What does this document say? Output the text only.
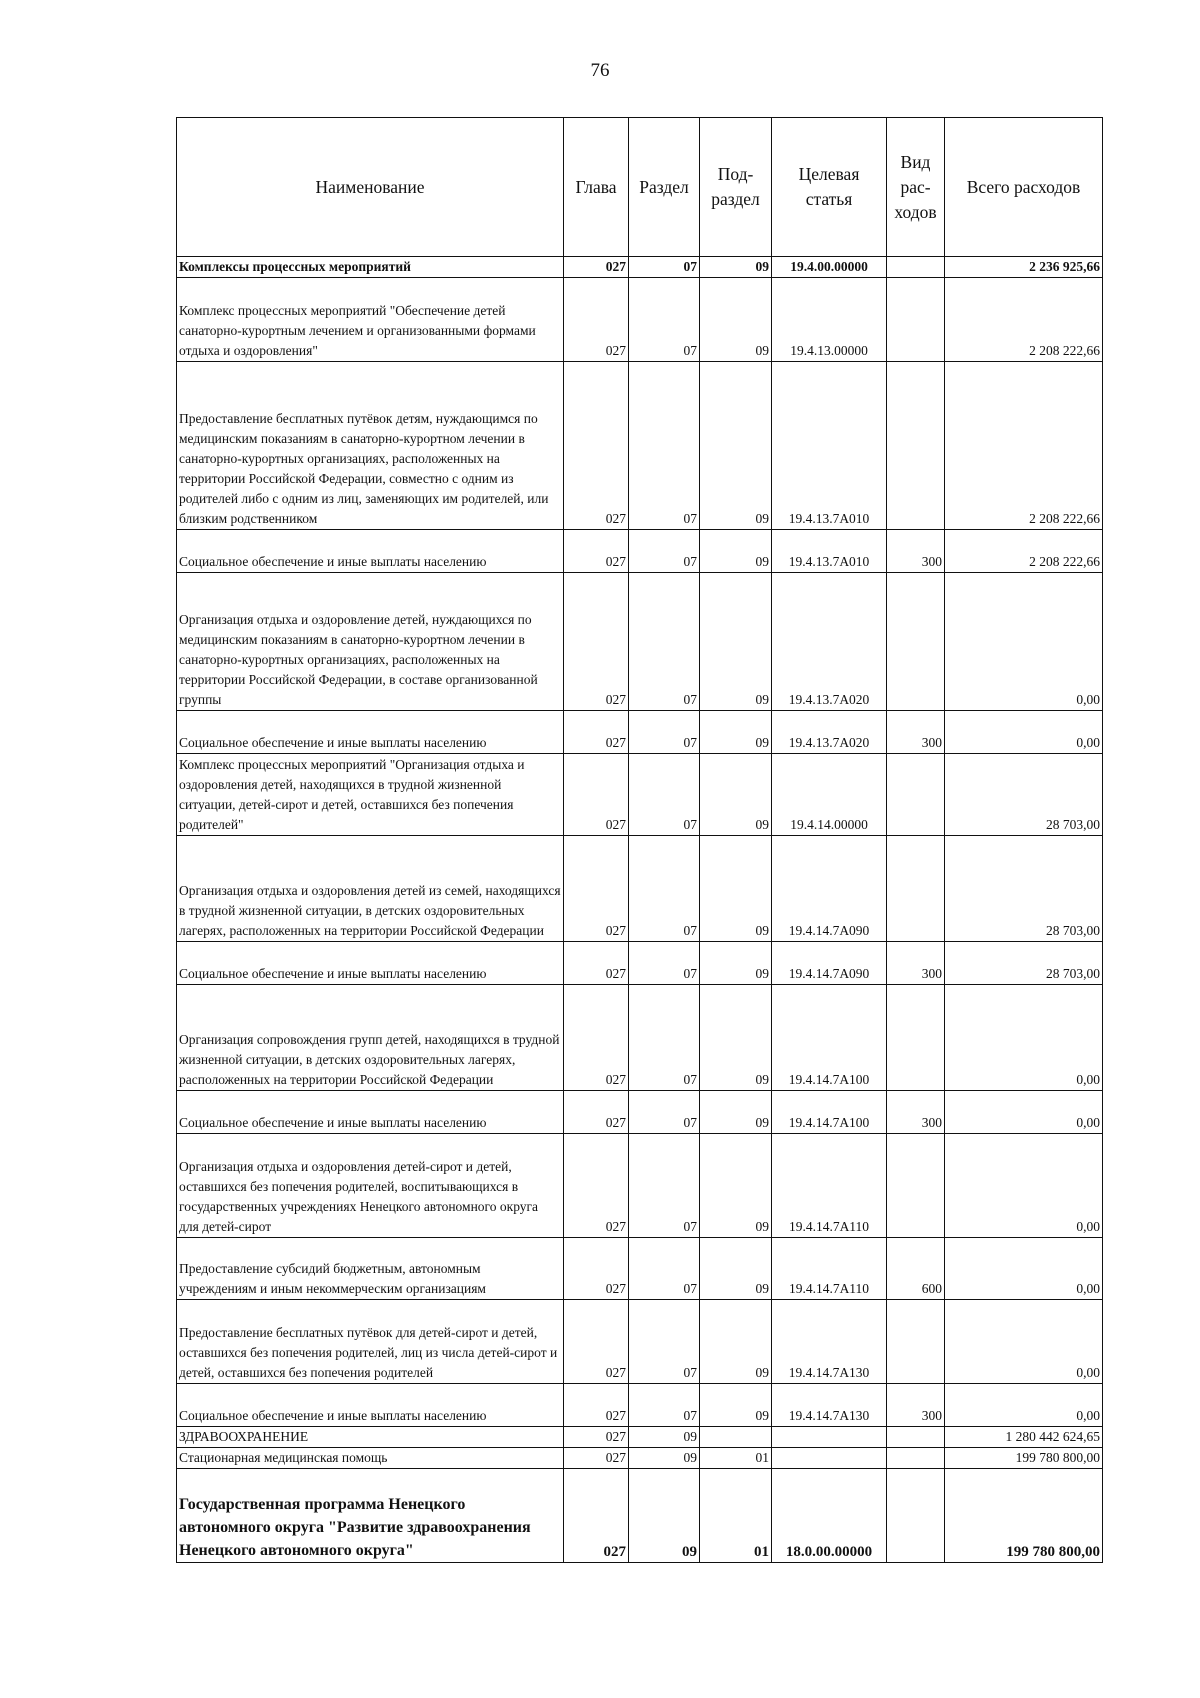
76
Наименование	Глава	Раздел	Под-раздел	Целевая статья	Вид рас-ходов	Всего расходов
Комплексы процессных мероприятий	027	07	09	19.4.00.00000		2 236 925,66
Комплекс процессных мероприятий "Обеспечение детей санаторно-курортным лечением и организованными формами отдыха и оздоровления"	027	07	09	19.4.13.00000		2 208 222,66
Предоставление бесплатных путёвок детям, нуждающимся по медицинским показаниям в санаторно-курортном лечении в санаторно-курортных организациях, расположенных на территории Российской Федерации, совместно с одним из родителей либо с одним из лиц, заменяющих им родителей, или близким родственником	027	07	09	19.4.13.7А010		2 208 222,66
Социальное обеспечение и иные выплаты населению	027	07	09	19.4.13.7А010	300	2 208 222,66
Организация отдыха и оздоровление детей, нуждающихся по медицинским показаниям в санаторно-курортном лечении в санаторно-курортных организациях, расположенных на территории Российской Федерации, в составе организованной группы	027	07	09	19.4.13.7А020		0,00
Социальное обеспечение и иные выплаты населению	027	07	09	19.4.13.7А020	300	0,00
Комплекс процессных мероприятий "Организация отдыха и оздоровления детей, находящихся в трудной жизненной ситуации, детей-сирот и детей, оставшихся без попечения родителей"	027	07	09	19.4.14.00000		28 703,00
Организация отдыха и оздоровления детей из семей, находящихся в трудной жизненной ситуации, в детских оздоровительных лагерях, расположенных на территории Российской Федерации	027	07	09	19.4.14.7А090		28 703,00
Социальное обеспечение и иные выплаты населению	027	07	09	19.4.14.7А090	300	28 703,00
Организация сопровождения групп детей, находящихся в трудной жизненной ситуации, в детских оздоровительных лагерях, расположенных на территории Российской Федерации	027	07	09	19.4.14.7А100		0,00
Социальное обеспечение и иные выплаты населению	027	07	09	19.4.14.7А100	300	0,00
Организация отдыха и оздоровления детей-сирот и детей, оставшихся без попечения родителей, воспитывающихся в государственных учреждениях Ненецкого автономного округа для детей-сирот	027	07	09	19.4.14.7А110		0,00
Предоставление субсидий бюджетным, автономным учреждениям и иным некоммерческим организациям	027	07	09	19.4.14.7А110	600	0,00
Предоставление бесплатных путёвок для детей-сирот и детей, оставшихся без попечения родителей, лиц из числа детей-сирот и детей, оставшихся без попечения родителей	027	07	09	19.4.14.7А130		0,00
Социальное обеспечение и иные выплаты населению	027	07	09	19.4.14.7А130	300	0,00
ЗДРАВООХРАНЕНИЕ	027	09				1 280 442 624,65
Стационарная медицинская помощь	027	09	01			199 780 800,00
Государственная программа Ненецкого автономного округа "Развитие здравоохранения Ненецкого автономного округа"	027	09	01	18.0.00.00000		199 780 800,00
